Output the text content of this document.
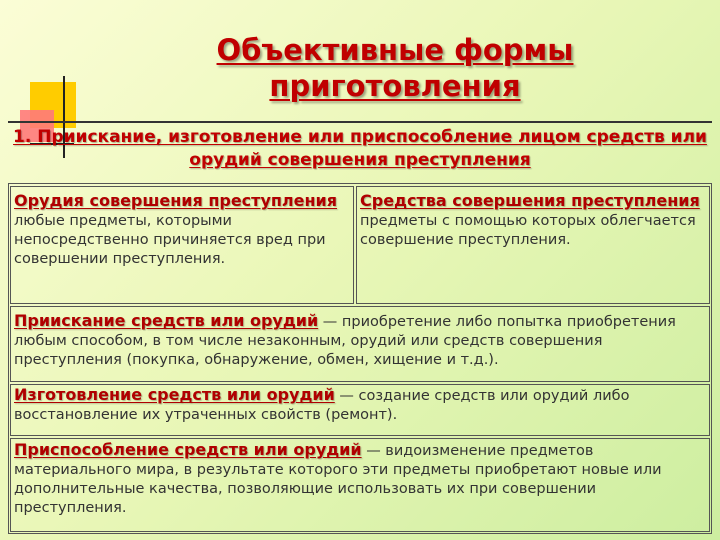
Объективные формы приготовления
1. Приискание, изготовление или приспособление лицом средств или орудий совершения преступления
Орудия совершения преступления любые предметы, которыми непосредственно причиняется вред при совершении преступления.
Средства совершения преступления предметы с помощью которых облегчается совершение преступления.
Приискание средств или орудий — приобретение либо попытка приобретения любым способом, в том числе незаконным, орудий или средств совершения преступления (покупка, обнаружение, обмен, хищение и т.д.).
Изготовление средств или орудий — создание средств или орудий либо восстановление их утраченных свойств (ремонт).
Приспособление средств или орудий — видоизменение предметов материального мира, в результате которого эти предметы приобретают новые или дополнительные качества, позволяющие использовать их при совершении преступления.
